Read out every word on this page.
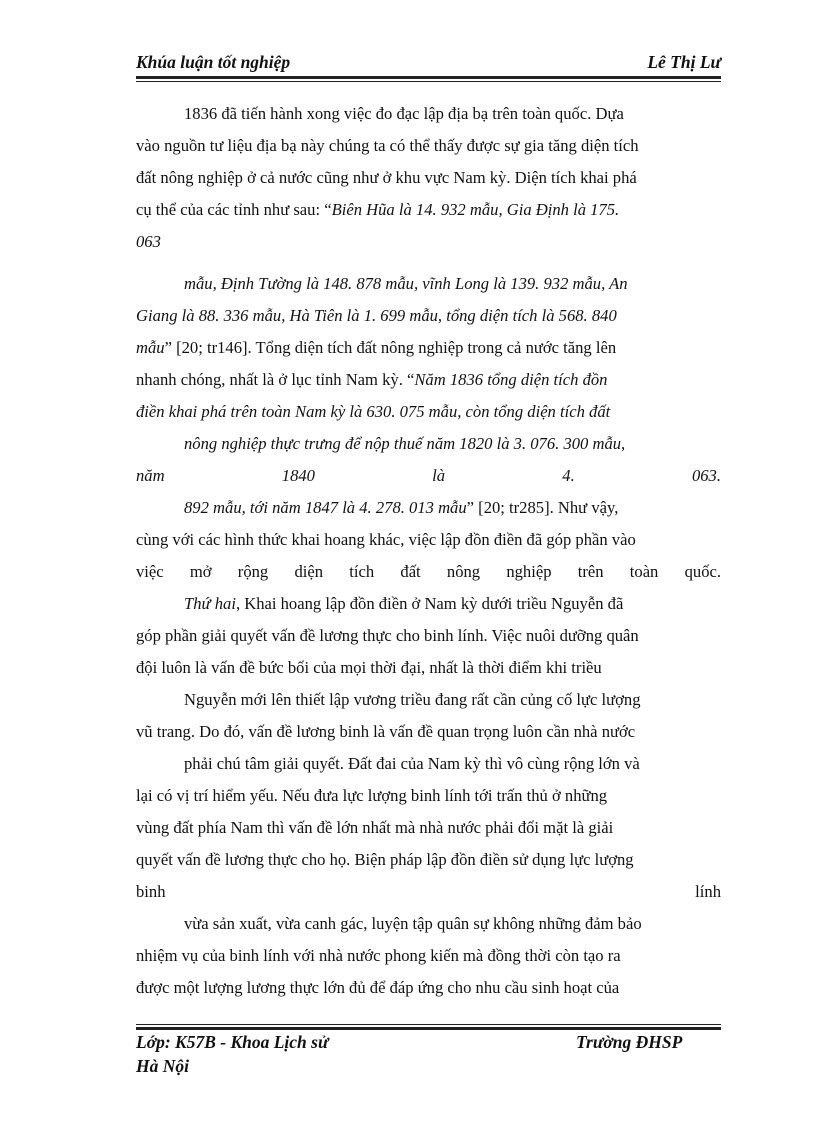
Khúa luận tốt nghiệp	Lê Thị Lư
1836 đã tiến hành xong việc đo đạc lập địa bạ trên toàn quốc. Dựa
vào nguồn tư liệu địa bạ này chúng ta có thể thấy được sự gia tăng diện tích
đất nông nghiệp ở cả nước cũng như ở khu vực Nam kỳ. Diện tích khai phá
cụ thể của các tỉnh như sau: “Biên Hũa là 14. 932 mẫu, Gia Định là 175.
063
mẫu, Định Tường là 148. 878 mẫu, vĩnh Long là 139. 932 mẫu, An
Giang là 88. 336 mẫu, Hà Tiên là 1. 699 mẫu, tổng diện tích là 568. 840
mẫu” [20; tr146]. Tổng diện tích đất nông nghiệp trong cả nước tăng lên
nhanh chóng, nhất là ở lục tỉnh Nam kỳ. “Năm 1836 tổng diện tích đồn
điền khai phá trên toàn Nam kỳ là 630. 075 mẫu, còn tổng diện tích đất
nông nghiệp thực trưng để nộp thuế năm 1820 là 3. 076. 300 mẫu,
năm	1840	là	4.	063.
892 mẫu, tới năm 1847 là 4. 278. 013 mẫu” [20; tr285]. Như vậy,
cùng với các hình thức khai hoang khác, việc lập đồn điền đã góp phần vào
việc mở rộng diện tích đất nông nghiệp trên toàn quốc.
Thứ hai, Khai hoang lập đồn điền ở Nam kỳ dưới triều Nguyễn đã
góp phần giải quyết vấn đề lương thực cho binh lính. Việc nuôi dưỡng quân
đội luôn là vấn đề bức bối của mọi thời đại, nhất là thời điểm khi triều
Nguyễn mới lên thiết lập vương triều đang rất cần củng cố lực lượng
vũ trang. Do đó, vấn đề lương binh là vấn đề quan trọng luôn cần nhà nước
phải chú tâm giải quyết. Đất đai của Nam kỳ thì vô cùng rộng lớn và
lại có vị trí hiểm yếu. Nếu đưa lực lượng binh lính tới trấn thủ ở những
vùng đất phía Nam thì vấn đề lớn nhất mà nhà nước phải đối mặt là giải
quyết vấn đề lương thực cho họ. Biện pháp lập đồn điền sử dụng lực lượng
binh	lính
vừa sản xuất, vừa canh gác, luyện tập quân sự không những đảm bảo
nhiệm vụ của binh lính với nhà nước phong kiến mà đồng thời còn tạo ra
được một lượng lương thực lớn đủ để đáp ứng cho nhu cầu sinh hoạt của
Lớp: K57B - Khoa Lịch sử	Trường ĐHSP
Hà Nội
